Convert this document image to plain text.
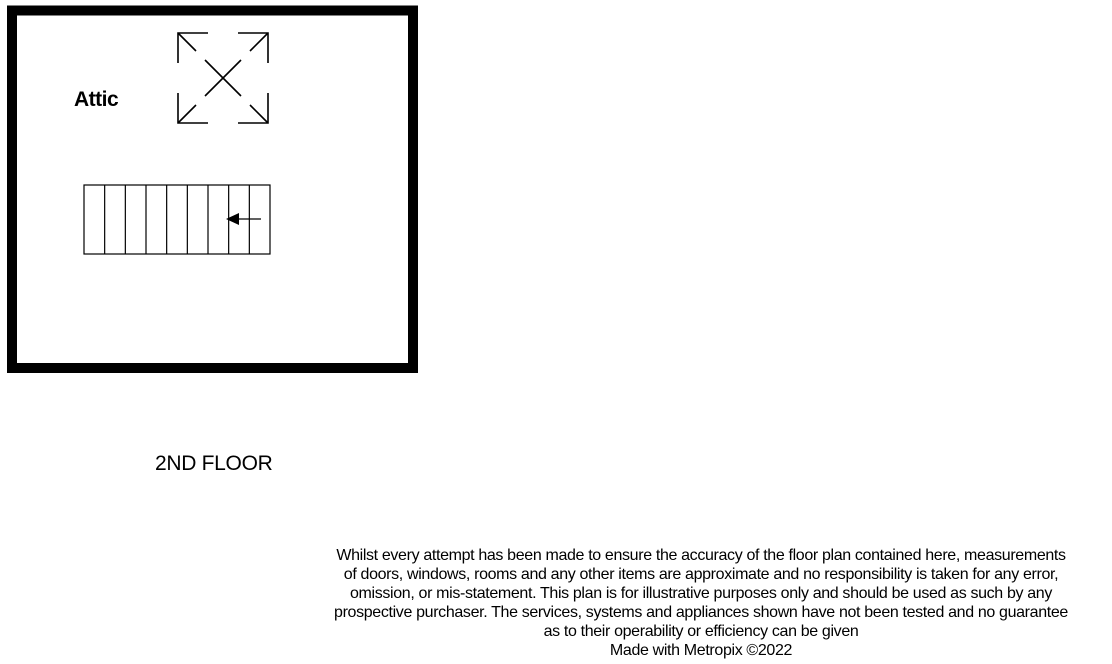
Attic
2ND FLOOR
Whilst every attempt has been made to ensure the accuracy of the floor plan contained here, measurements
of doors, windows, rooms and any other items are approximate and no responsibility is taken for any error,
omission, or mis-statement. This plan is for illustrative purposes only and should be used as such by any
prospective purchaser. The services, systems and appliances shown have not been tested and no guarantee
as to their operability or efficiency can be given
Made with Metropix ©2022
